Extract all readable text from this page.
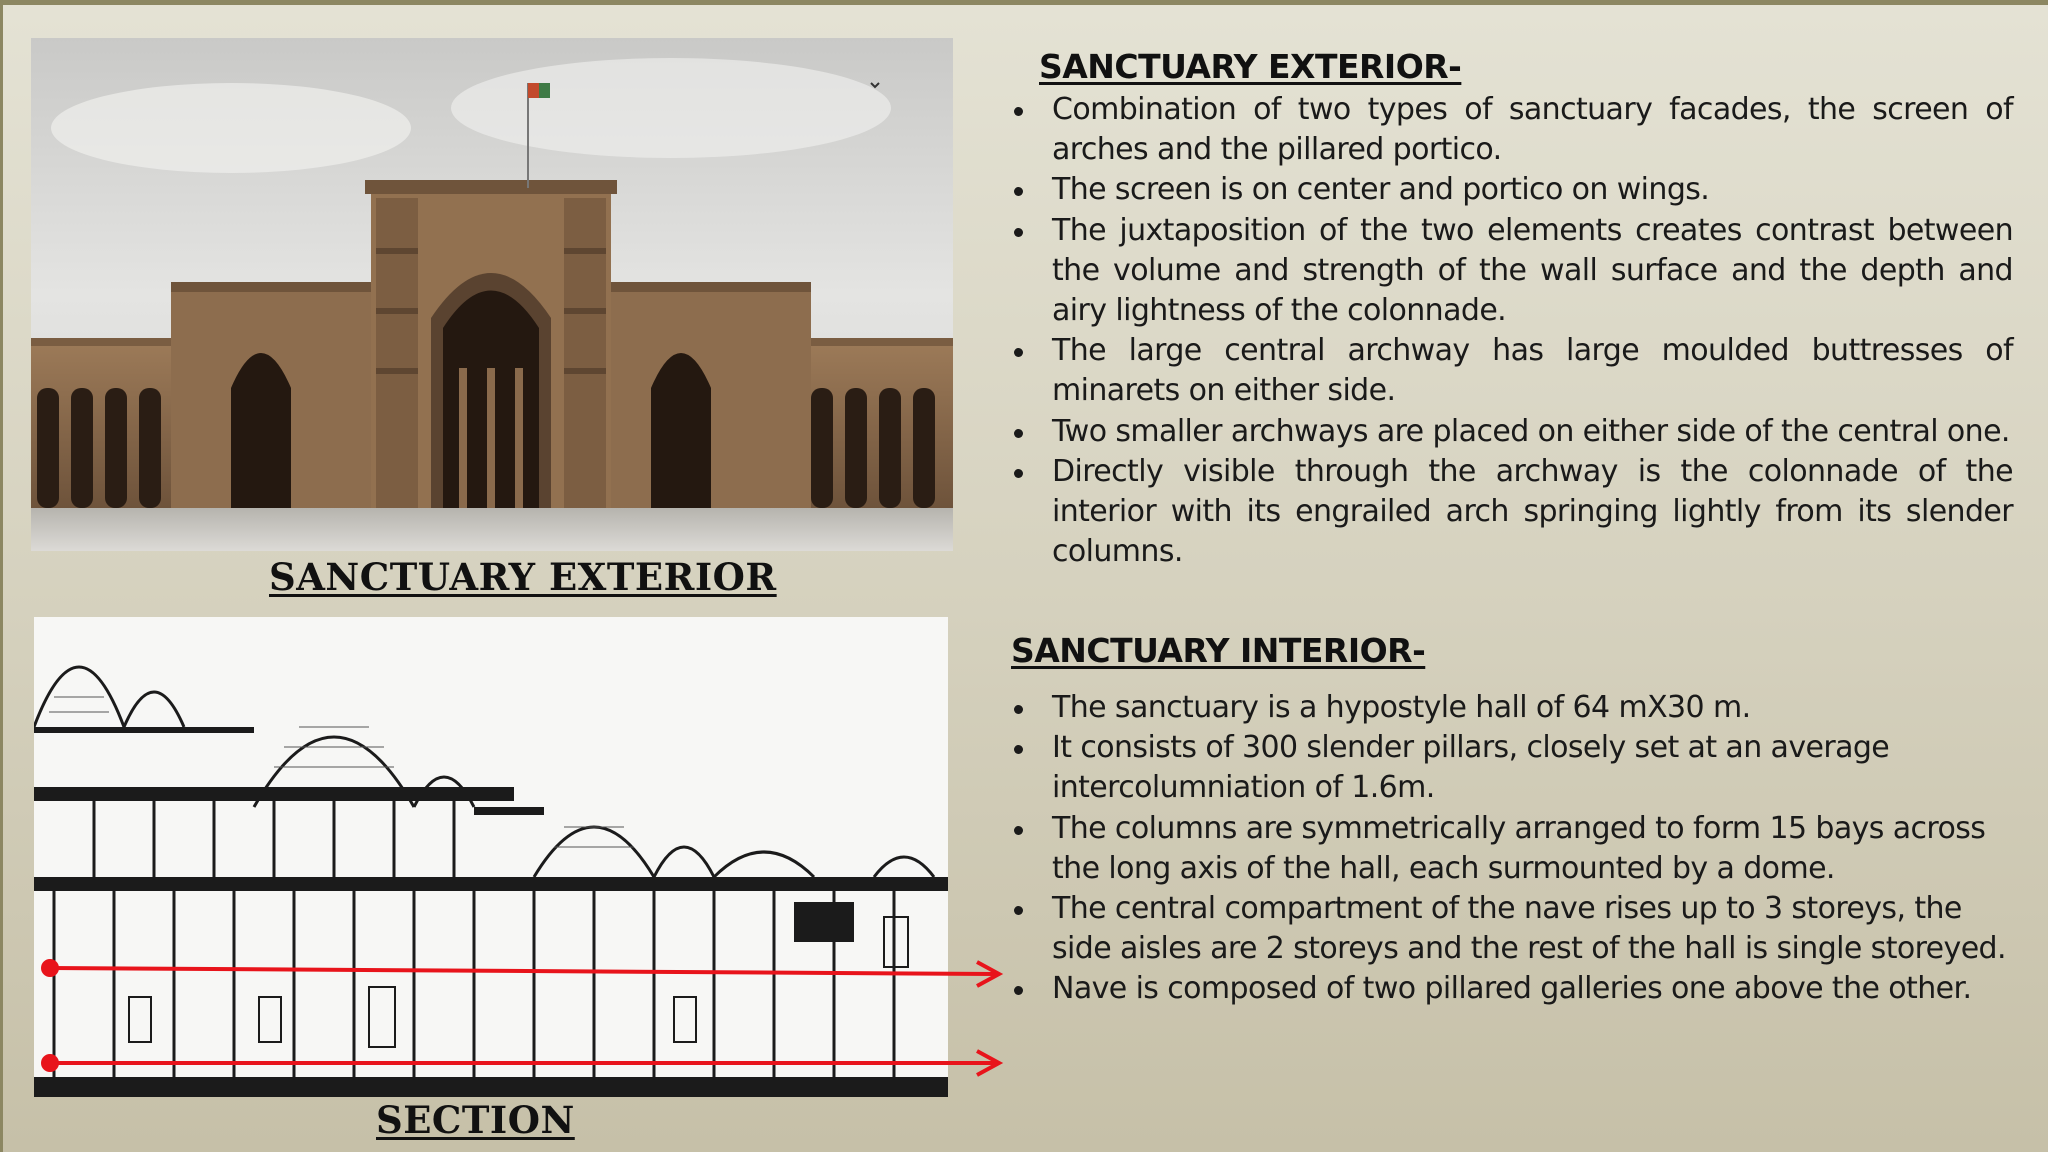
SANCTUARY EXTERIOR

SECTION

SANCTUARY EXTERIOR-
Combination of two types of sanctuary facades, the screen of arches and the pillared portico.
The screen is on center and portico on wings.
The juxtaposition of the two elements creates contrast between the volume and strength of the wall surface and the depth and airy lightness of the colonnade.
The large central archway has large moulded buttresses of minarets on either side.
Two smaller archways are placed on either side of the central one.
Directly visible through the archway is the colonnade of the interior with its engrailed arch springing lightly from its slender columns.
SANCTUARY INTERIOR-
The sanctuary is a hypostyle hall of 64 mX30 m.
It consists of 300 slender pillars, closely set at an average intercolumniation of 1.6m.
The columns are symmetrically arranged to form 15 bays across the long axis of the hall, each surmounted by a dome.
The central compartment of the nave rises up to 3 storeys, the side aisles are 2 storeys and the rest of the hall is single storeyed.
Nave is composed of two pillared galleries one above the other.
